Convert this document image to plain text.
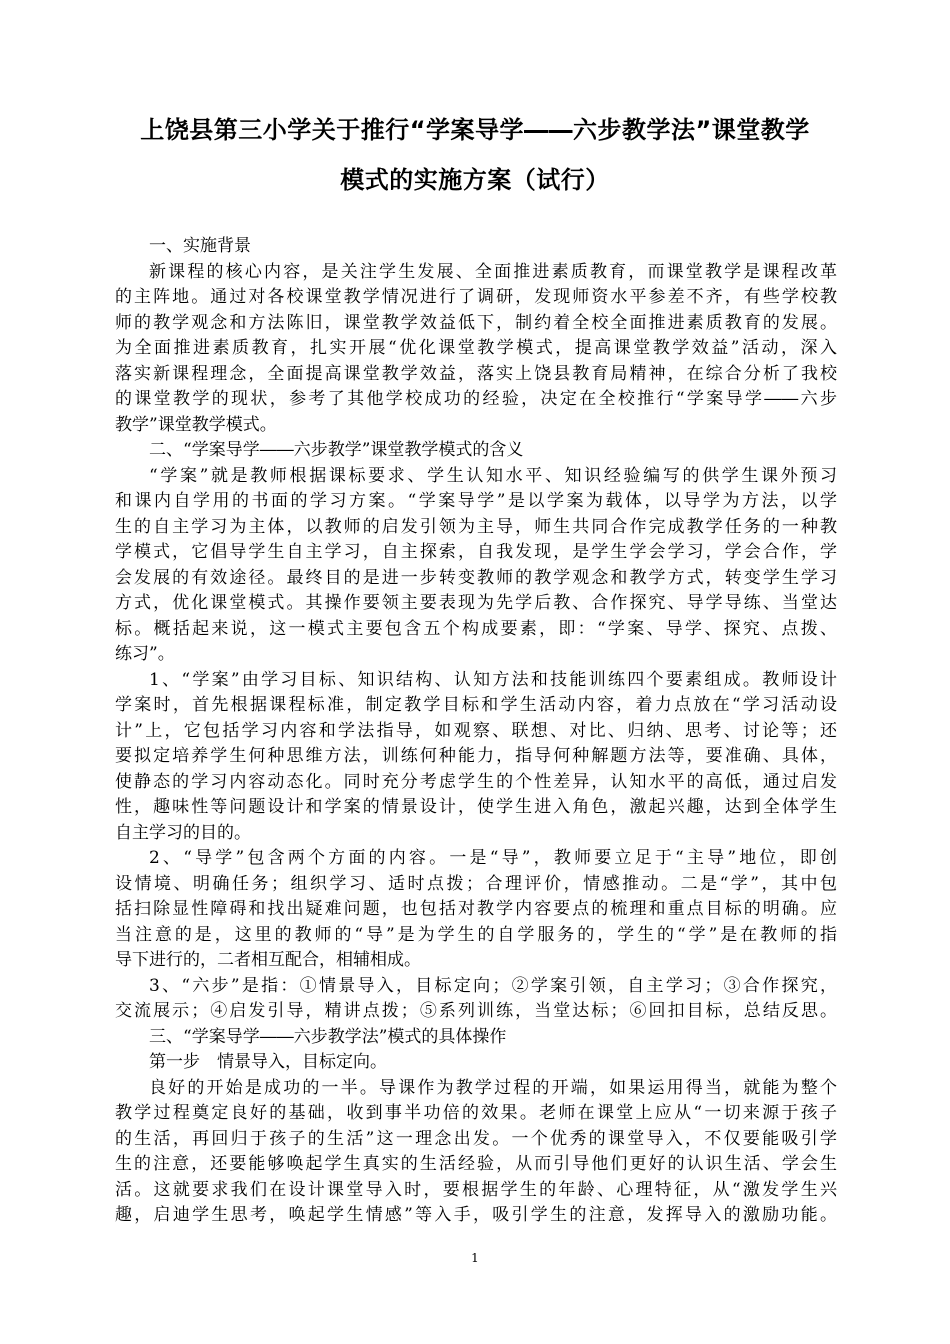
上饶县第三小学关于推行“学案导学――六步教学法”课堂教学
模式的实施方案（试行）
一、实施背景
新课程的核心内容，是关注学生发展、全面推进素质教育，而课堂教学是课程改革
的主阵地。通过对各校课堂教学情况进行了调研，发现师资水平参差不齐，有些学校教
师的教学观念和方法陈旧，课堂教学效益低下，制约着全校全面推进素质教育的发展。
为全面推进素质教育，扎实开展“优化课堂教学模式，提高课堂教学效益”活动，深入
落实新课程理念，全面提高课堂教学效益，落实上饶县教育局精神，在综合分析了我校
的课堂教学的现状，参考了其他学校成功的经验，决定在全校推行“学案导学――六步
教学”课堂教学模式。
二、“学案导学――六步教学”课堂教学模式的含义
“学案”就是教师根据课标要求、学生认知水平、知识经验编写的供学生课外预习
和课内自学用的书面的学习方案。“学案导学”是以学案为载体，以导学为方法，以学
生的自主学习为主体，以教师的启发引领为主导，师生共同合作完成教学任务的一种教
学模式，它倡导学生自主学习，自主探索，自我发现，是学生学会学习，学会合作，学
会发展的有效途径。最终目的是进一步转变教师的教学观念和教学方式，转变学生学习
方式，优化课堂模式。其操作要领主要表现为先学后教、合作探究、导学导练、当堂达
标。概括起来说，这一模式主要包含五个构成要素，即：“学案、导学、探究、点拨、
练习”。
1、“学案”由学习目标、知识结构、认知方法和技能训练四个要素组成。教师设计
学案时，首先根据课程标准，制定教学目标和学生活动内容，着力点放在“学习活动设
计”上，它包括学习内容和学法指导，如观察、联想、对比、归纳、思考、讨论等；还
要拟定培养学生何种思维方法，训练何种能力，指导何种解题方法等，要准确、具体，
使静态的学习内容动态化。同时充分考虑学生的个性差异，认知水平的高低，通过启发
性，趣味性等问题设计和学案的情景设计，使学生进入角色，激起兴趣，达到全体学生
自主学习的目的。
2、“导学”包含两个方面的内容。一是“导”，教师要立足于“主导”地位，即创
设情境、明确任务；组织学习、适时点拨；合理评价，情感推动。二是“学”，其中包
括扫除显性障碍和找出疑难问题，也包括对教学内容要点的梳理和重点目标的明确。应
当注意的是，这里的教师的“导”是为学生的自学服务的，学生的“学”是在教师的指
导下进行的，二者相互配合，相辅相成。
3、“六步”是指：①情景导入，目标定向；②学案引领，自主学习；③合作探究，
交流展示；④启发引导，精讲点拨；⑤系列训练，当堂达标；⑥回扣目标，总结反思。
三、“学案导学――六步教学法”模式的具体操作
第一步　情景导入，目标定向。
良好的开始是成功的一半。导课作为教学过程的开端，如果运用得当，就能为整个
教学过程奠定良好的基础，收到事半功倍的效果。老师在课堂上应从“一切来源于孩子
的生活，再回归于孩子的生活”这一理念出发。一个优秀的课堂导入，不仅要能吸引学
生的注意，还要能够唤起学生真实的生活经验，从而引导他们更好的认识生活、学会生
活。这就要求我们在设计课堂导入时，要根据学生的年龄、心理特征，从“激发学生兴
趣，启迪学生思考，唤起学生情感”等入手，吸引学生的注意，发挥导入的激励功能。
1
